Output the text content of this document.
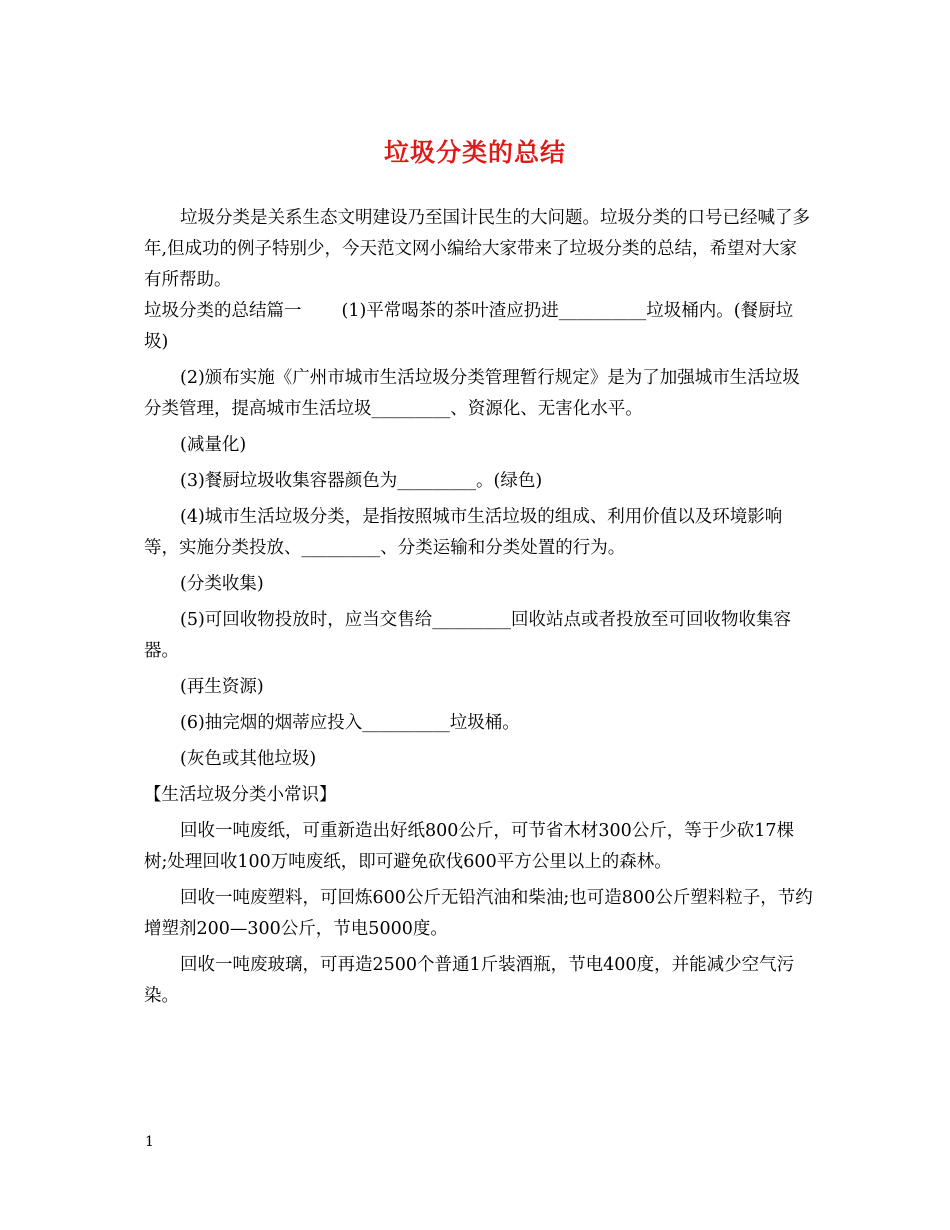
垃圾分类的总结

垃圾分类是关系生态文明建设乃至国计民生的大问题。垃圾分类的口号已经喊了多年,但成功的例子特别少，今天范文网小编给大家带来了垃圾分类的总结，希望对大家有所帮助。

垃圾分类的总结篇一 (1)平常喝茶的茶叶渣应扔进__________垃圾桶内。(餐厨垃圾)

(2)颁布实施《广州市城市生活垃圾分类管理暂行规定》是为了加强城市生活垃圾分类管理，提高城市生活垃圾_________、资源化、无害化水平。

(减量化)

(3)餐厨垃圾收集容器颜色为_________。(绿色)

(4)城市生活垃圾分类，是指按照城市生活垃圾的组成、利用价值以及环境影响等，实施分类投放、_________、分类运输和分类处置的行为。

(分类收集)

(5)可回收物投放时，应当交售给_________回收站点或者投放至可回收物收集容器。

(再生资源)

(6)抽完烟的烟蒂应投入__________垃圾桶。

(灰色或其他垃圾)

【生活垃圾分类小常识】

回收一吨废纸，可重新造出好纸800公斤，可节省木材300公斤，等于少砍17棵树;处理回收100万吨废纸，即可避免砍伐600平方公里以上的森林。

回收一吨废塑料，可回炼600公斤无铅汽油和柴油;也可造800公斤塑料粒子，节约增塑剂200—300公斤，节电5000度。

回收一吨废玻璃，可再造2500个普通1斤装酒瓶，节电400度，并能减少空气污染。

1
